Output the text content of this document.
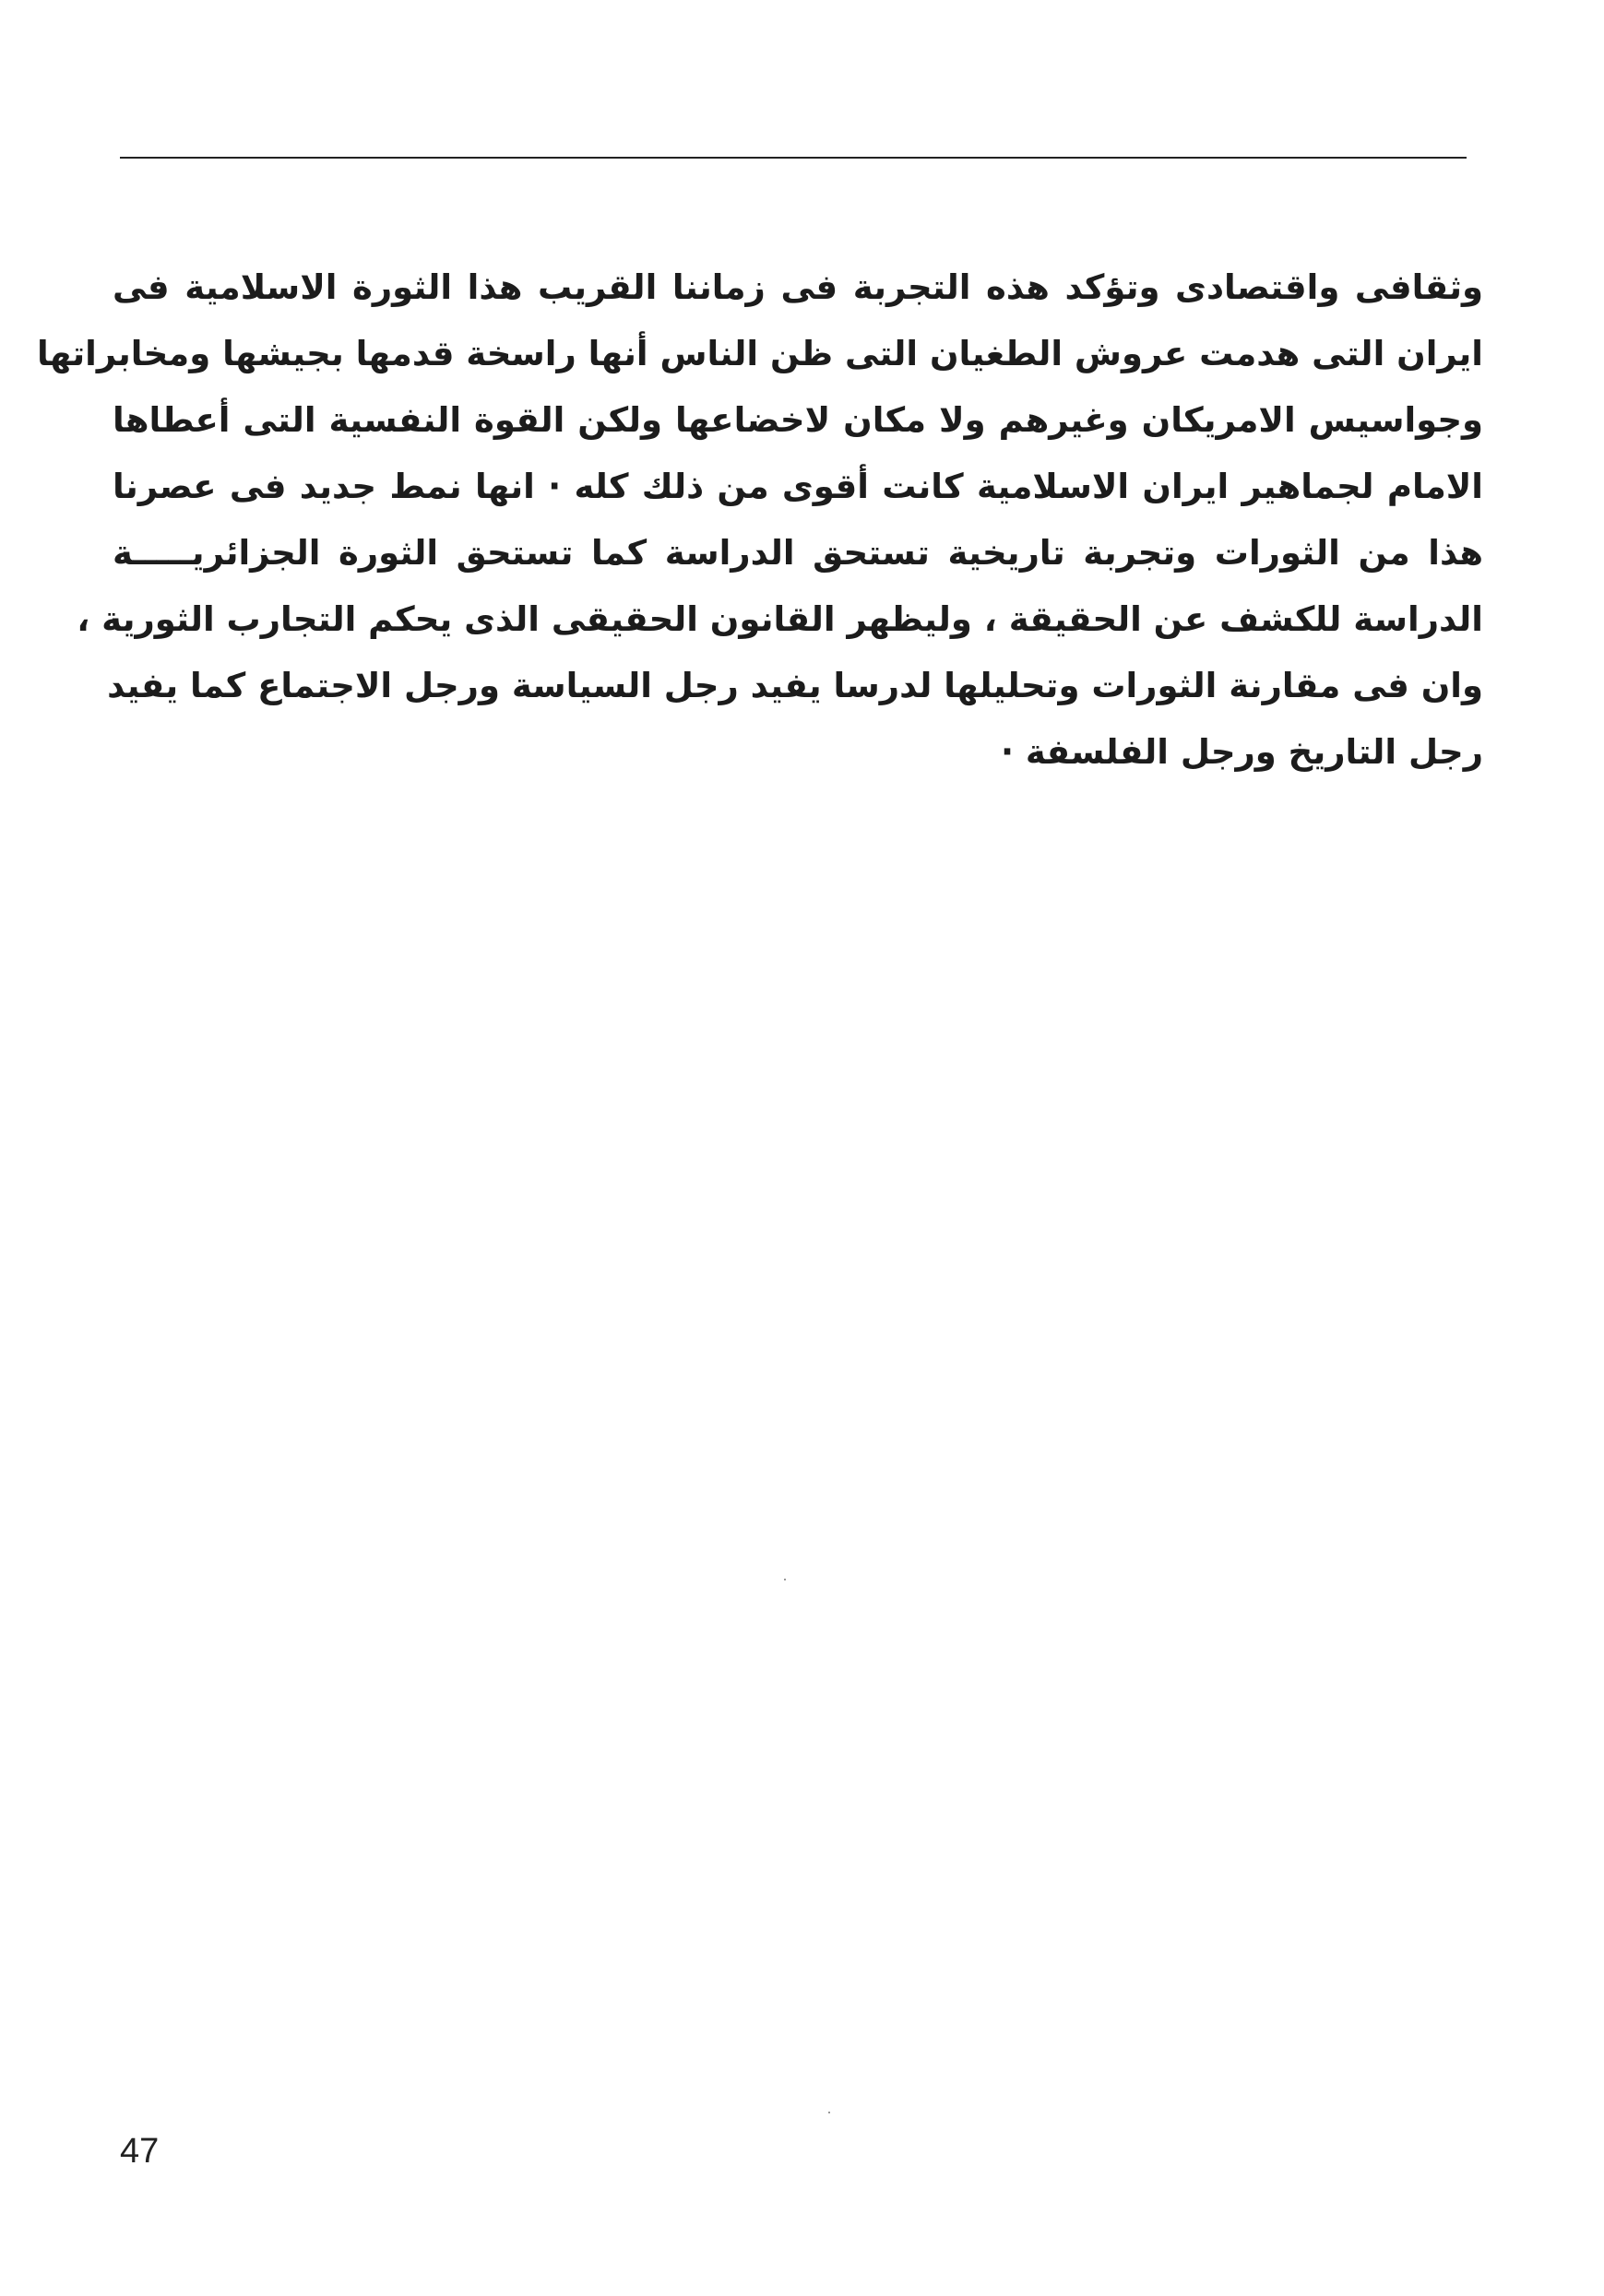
وثقافى واقتصادى وتؤكد هذه التجربة فى زماننا القريب هذا الثورة الاسلامية فى
ايران التى هدمت عروش الطغيان التى ظن الناس أنها راسخة قدمها بجيشها ومخابراتها
وجواسيس الامريكان وغيرهم ولا مكان لاخضاعها ولكن القوة النفسية التى أعطاها
الامام لجماهير ايران الاسلامية كانت أقوى من ذلك كله · انها نمط جديد فى عصرنا
هذا من الثورات وتجربة تاريخية تستحق الدراسة كما تستحق الثورة الجزائريـــــة
الدراسة للكشف عن الحقيقة ، وليظهر القانون الحقيقى الذى يحكم التجارب الثورية ،
وان فى مقارنة الثورات وتحليلها لدرسا يفيد رجل السياسة ورجل الاجتماع كما يفيد
رجل التاريخ ورجل الفلسفة ·
47
